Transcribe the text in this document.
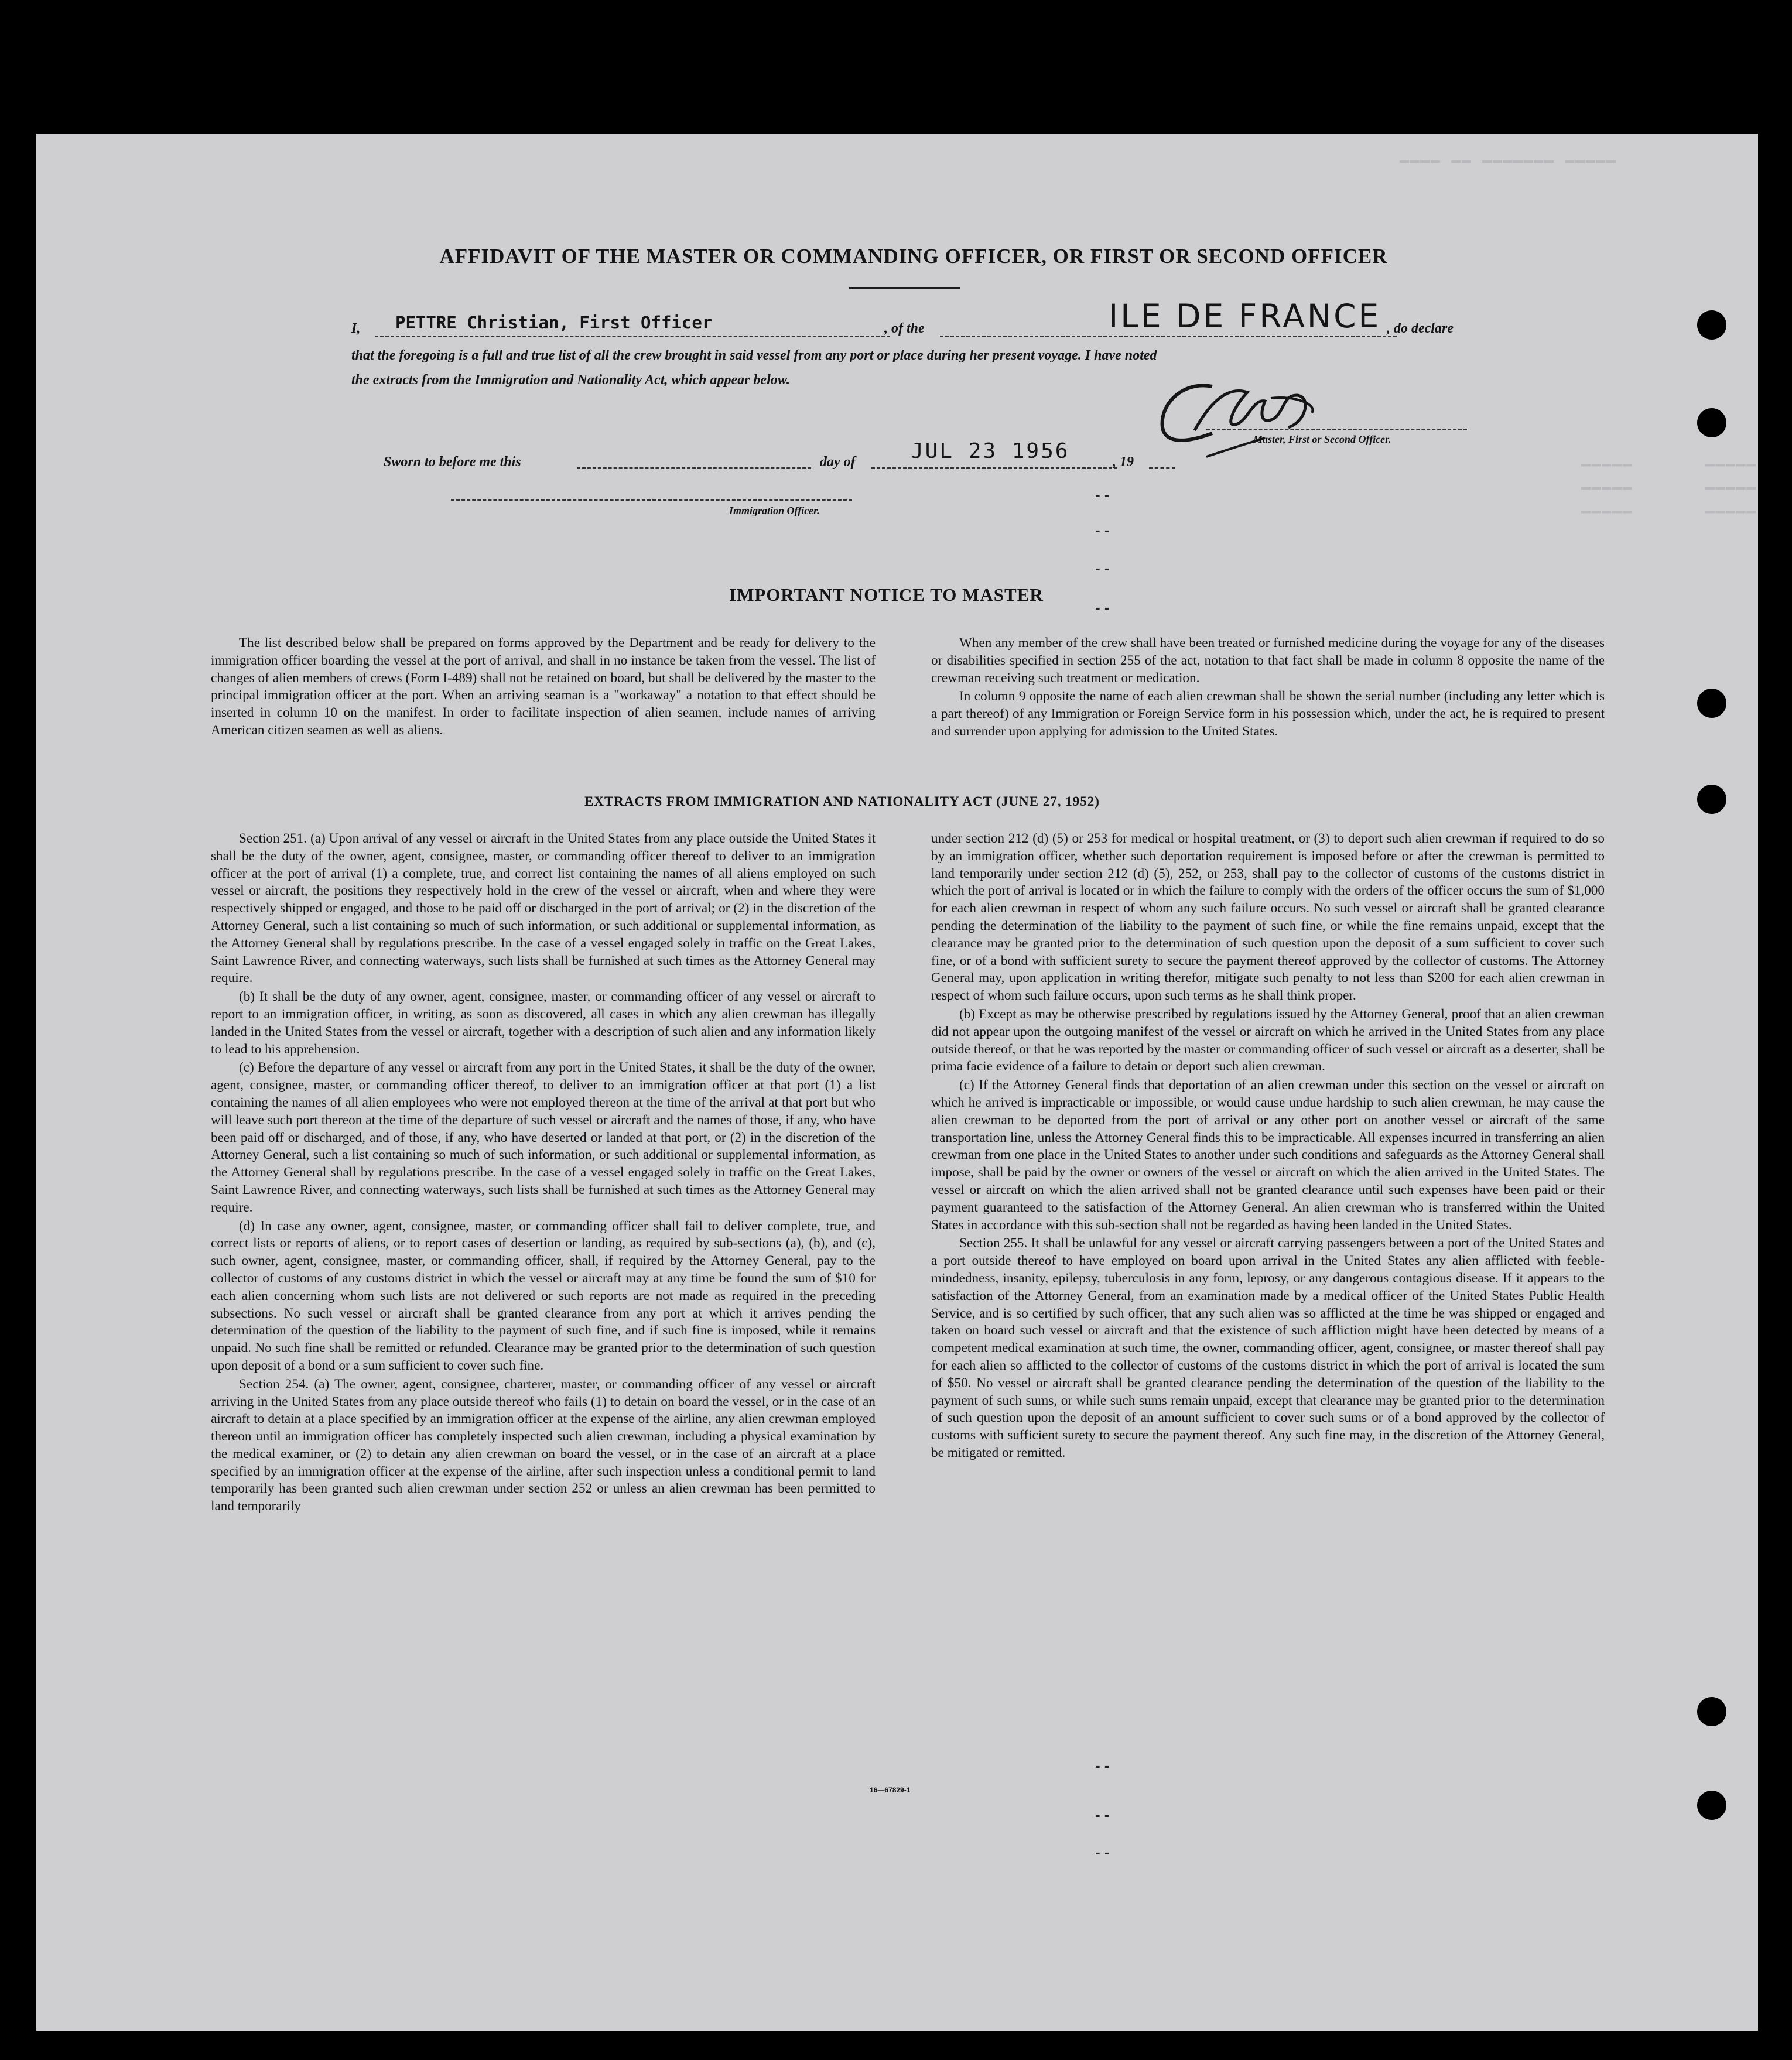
━━━━ ━━ ━━━━━━━ ━━━━━
━━━━━       ━━━━━
━━━━━       ━━━━━
━━━━━       ━━━━━
AFFIDAVIT OF THE MASTER OR COMMANDING OFFICER, OR FIRST OR SECOND OFFICER
I, PETTRE Christian, First Officer	, of the	ILE DE FRANCE , do declare
that the foregoing is a full and true list of all the crew brought in said vessel from any port or place during her present voyage. I have noted
the extracts from the Immigration and Nationality Act, which appear below.
Master, First or Second Officer.
Sworn to before me this	day of	JUL 23 1956	, 19
Immigration Officer.
- -
- -
- -
- -
- -
- -
- -
IMPORTANT NOTICE TO MASTER

The list described below shall be prepared on forms approved by the Department and be ready for delivery to the immigration officer boarding the vessel at the port of arrival, and shall in no instance be taken from the vessel. The list of changes of alien members of crews (Form I-489) shall not be retained on board, but shall be delivered by the master to the principal immigration officer at the port. When an arriving seaman is a "workaway" a notation to that effect should be inserted in column 10 on the manifest. In order to facilitate inspection of alien seamen, include names of arriving American citizen seamen as well as aliens.

When any member of the crew shall have been treated or furnished medicine during the voyage for any of the diseases or disabilities specified in section 255 of the act, notation to that fact shall be made in column 8 opposite the name of the crewman receiving such treatment or medication.

In column 9 opposite the name of each alien crewman shall be shown the serial number (including any letter which is a part thereof) of any Immigration or Foreign Service form in his possession which, under the act, he is required to present and surrender upon applying for admission to the United States.

EXTRACTS FROM IMMIGRATION AND NATIONALITY ACT (JUNE 27, 1952)

Section 251. (a) Upon arrival of any vessel or aircraft in the United States from any place outside the United States it shall be the duty of the owner, agent, consignee, master, or commanding officer thereof to deliver to an immigration officer at the port of arrival (1) a complete, true, and correct list containing the names of all aliens employed on such vessel or aircraft, the positions they respectively hold in the crew of the vessel or aircraft, when and where they were respectively shipped or engaged, and those to be paid off or discharged in the port of arrival; or (2) in the discretion of the Attorney General, such a list containing so much of such information, or such additional or supplemental information, as the Attorney General shall by regulations prescribe. In the case of a vessel engaged solely in traffic on the Great Lakes, Saint Lawrence River, and connecting waterways, such lists shall be furnished at such times as the Attorney General may require.

(b) It shall be the duty of any owner, agent, consignee, master, or commanding officer of any vessel or aircraft to report to an immigration officer, in writing, as soon as discovered, all cases in which any alien crewman has illegally landed in the United States from the vessel or aircraft, together with a description of such alien and any information likely to lead to his apprehension.

(c) Before the departure of any vessel or aircraft from any port in the United States, it shall be the duty of the owner, agent, consignee, master, or commanding officer thereof, to deliver to an immigration officer at that port (1) a list containing the names of all alien employees who were not employed thereon at the time of the arrival at that port but who will leave such port thereon at the time of the departure of such vessel or aircraft and the names of those, if any, who have been paid off or discharged, and of those, if any, who have deserted or landed at that port, or (2) in the discretion of the Attorney General, such a list containing so much of such information, or such additional or supplemental information, as the Attorney General shall by regulations prescribe. In the case of a vessel engaged solely in traffic on the Great Lakes, Saint Lawrence River, and connecting waterways, such lists shall be furnished at such times as the Attorney General may require.

(d) In case any owner, agent, consignee, master, or commanding officer shall fail to deliver complete, true, and correct lists or reports of aliens, or to report cases of desertion or landing, as required by sub-sections (a), (b), and (c), such owner, agent, consignee, master, or commanding officer, shall, if required by the Attorney General, pay to the collector of customs of any customs district in which the vessel or aircraft may at any time be found the sum of $10 for each alien concerning whom such lists are not delivered or such reports are not made as required in the preceding subsections. No such vessel or aircraft shall be granted clearance from any port at which it arrives pending the determination of the question of the liability to the payment of such fine, and if such fine is imposed, while it remains unpaid. No such fine shall be remitted or refunded. Clearance may be granted prior to the determination of such question upon deposit of a bond or a sum sufficient to cover such fine.

Section 254. (a) The owner, agent, consignee, charterer, master, or commanding officer of any vessel or aircraft arriving in the United States from any place outside thereof who fails (1) to detain on board the vessel, or in the case of an aircraft to detain at a place specified by an immigration officer at the expense of the airline, any alien crewman employed thereon until an immigration officer has completely inspected such alien crewman, including a physical examination by the medical examiner, or (2) to detain any alien crewman on board the vessel, or in the case of an aircraft at a place specified by an immigration officer at the expense of the airline, after such inspection unless a conditional permit to land temporarily has been granted such alien crewman under section 252 or unless an alien crewman has been permitted to land temporarily

under section 212 (d) (5) or 253 for medical or hospital treatment, or (3) to deport such alien crewman if required to do so by an immigration officer, whether such deportation requirement is imposed before or after the crewman is permitted to land temporarily under section 212 (d) (5), 252, or 253, shall pay to the collector of customs of the customs district in which the port of arrival is located or in which the failure to comply with the orders of the officer occurs the sum of $1,000 for each alien crewman in respect of whom any such failure occurs. No such vessel or aircraft shall be granted clearance pending the determination of the liability to the payment of such fine, or while the fine remains unpaid, except that the clearance may be granted prior to the determination of such question upon the deposit of a sum sufficient to cover such fine, or of a bond with sufficient surety to secure the payment thereof approved by the collector of customs. The Attorney General may, upon application in writing therefor, mitigate such penalty to not less than $200 for each alien crewman in respect of whom such failure occurs, upon such terms as he shall think proper.

(b) Except as may be otherwise prescribed by regulations issued by the Attorney General, proof that an alien crewman did not appear upon the outgoing manifest of the vessel or aircraft on which he arrived in the United States from any place outside thereof, or that he was reported by the master or commanding officer of such vessel or aircraft as a deserter, shall be prima facie evidence of a failure to detain or deport such alien crewman.

(c) If the Attorney General finds that deportation of an alien crewman under this section on the vessel or aircraft on which he arrived is impracticable or impossible, or would cause undue hardship to such alien crewman, he may cause the alien crewman to be deported from the port of arrival or any other port on another vessel or aircraft of the same transportation line, unless the Attorney General finds this to be impracticable. All expenses incurred in transferring an alien crewman from one place in the United States to another under such conditions and safeguards as the Attorney General shall impose, shall be paid by the owner or owners of the vessel or aircraft on which the alien arrived in the United States. The vessel or aircraft on which the alien arrived shall not be granted clearance until such expenses have been paid or their payment guaranteed to the satisfaction of the Attorney General. An alien crewman who is transferred within the United States in accordance with this sub-section shall not be regarded as having been landed in the United States.

Section 255. It shall be unlawful for any vessel or aircraft carrying passengers between a port of the United States and a port outside thereof to have employed on board upon arrival in the United States any alien afflicted with feeble-mindedness, insanity, epilepsy, tuberculosis in any form, leprosy, or any dangerous contagious disease. If it appears to the satisfaction of the Attorney General, from an examination made by a medical officer of the United States Public Health Service, and is so certified by such officer, that any such alien was so afflicted at the time he was shipped or engaged and taken on board such vessel or aircraft and that the existence of such affliction might have been detected by means of a competent medical examination at such time, the owner, commanding officer, agent, consignee, or master thereof shall pay for each alien so afflicted to the collector of customs of the customs district in which the port of arrival is located the sum of $50. No vessel or aircraft shall be granted clearance pending the determination of the question of the liability to the payment of such sums, or while such sums remain unpaid, except that clearance may be granted prior to the determination of such question upon the deposit of an amount sufficient to cover such sums or of a bond approved by the collector of customs with sufficient surety to secure the payment thereof. Any such fine may, in the discretion of the Attorney General, be mitigated or remitted.

16—67829-1
